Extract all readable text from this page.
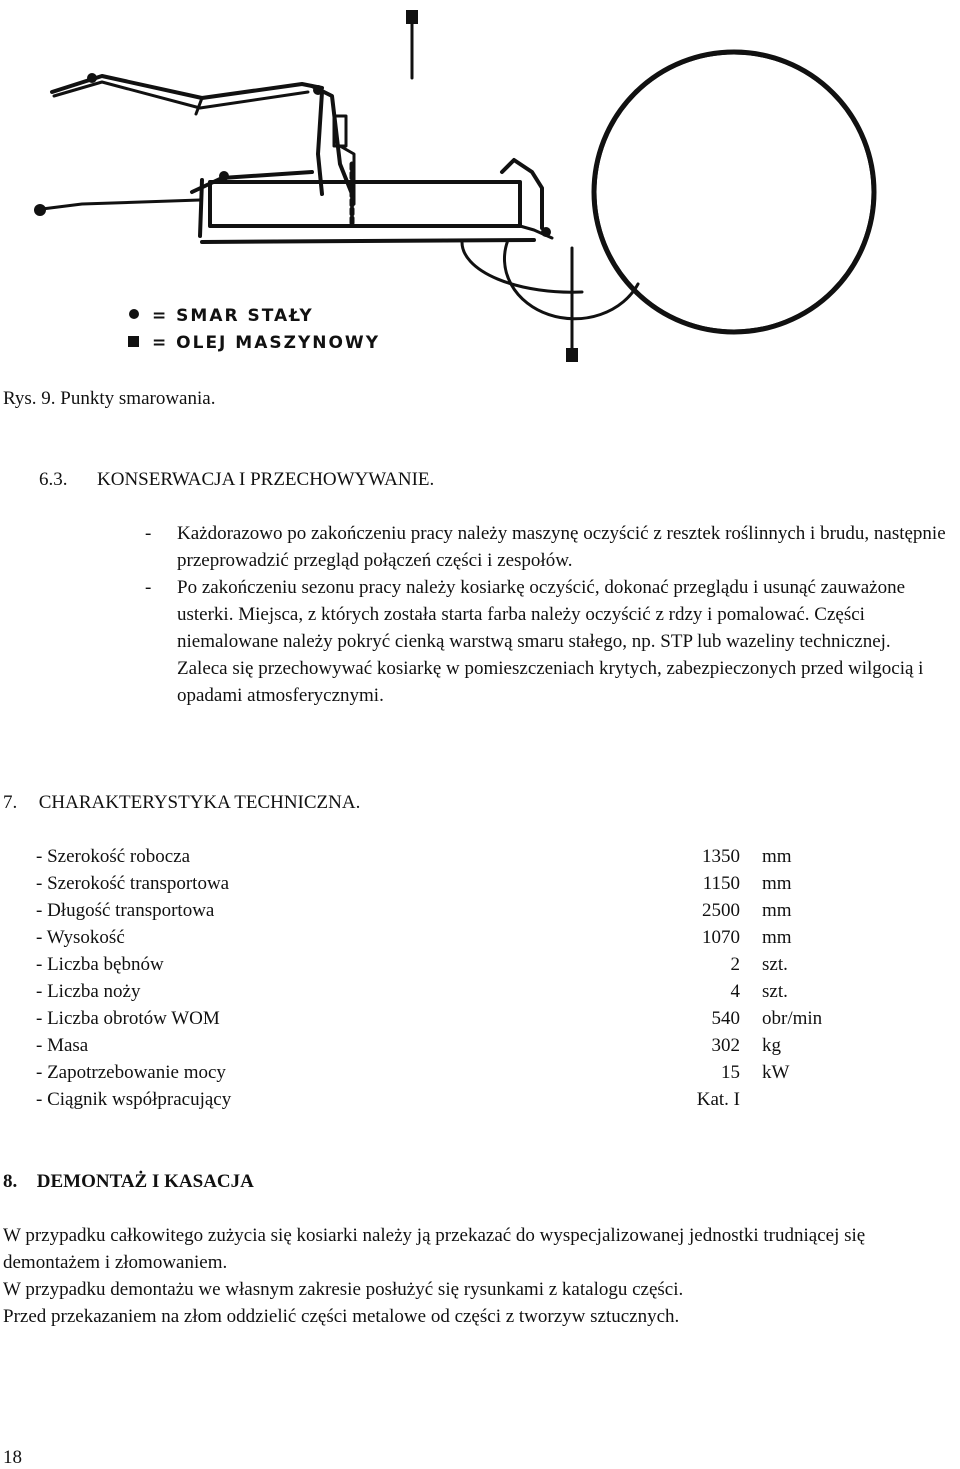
= SMAR STAŁY
= OLEJ MASZYNOWY
Rys. 9. Punkty smarowania.
6.3. KONSERWACJA I PRZECHOWYWANIE.

- Każdorazowo po zakończeniu pracy należy maszynę oczyścić z resztek roślinnych i brudu, następnie przeprowadzić przegląd połączeń części i zespołów.

- Po zakończeniu sezonu pracy należy kosiarkę oczyścić, dokonać przeglądu i usunąć zauważone usterki. Miejsca, z których została starta farba należy oczyścić z rdzy i pomalować. Części niemalowane należy pokryć cienką warstwą smaru stałego, np. STP lub wazeliny technicznej.

Zaleca się przechowywać kosiarkę w pomieszczeniach krytych, zabezpieczonych przed wilgocią i opadami atmosferycznymi.

7. CHARAKTERYSTYKA TECHNICZNA.
- Szerokość robocza	1350 mm
- Szerokość transportowa	1150 mm
- Długość transportowa	2500 mm
- Wysokość	1070 mm
- Liczba bębnów	2 szt.
- Liczba noży	4 szt.
- Liczba obrotów WOM	540 obr/min
- Masa	302 kg
- Zapotrzebowanie mocy	15 kW
- Ciągnik współpracujący	Kat. I
8. DEMONTAŻ I KASACJA

W przypadku całkowitego zużycia się kosiarki należy ją przekazać do wyspecjalizowanej jednostki trudniącej się demontażem i złomowaniem.

W przypadku demontażu we własnym zakresie posłużyć się rysunkami z katalogu części.

Przed przekazaniem na złom oddzielić części metalowe od części z tworzyw sztucznych.

18
